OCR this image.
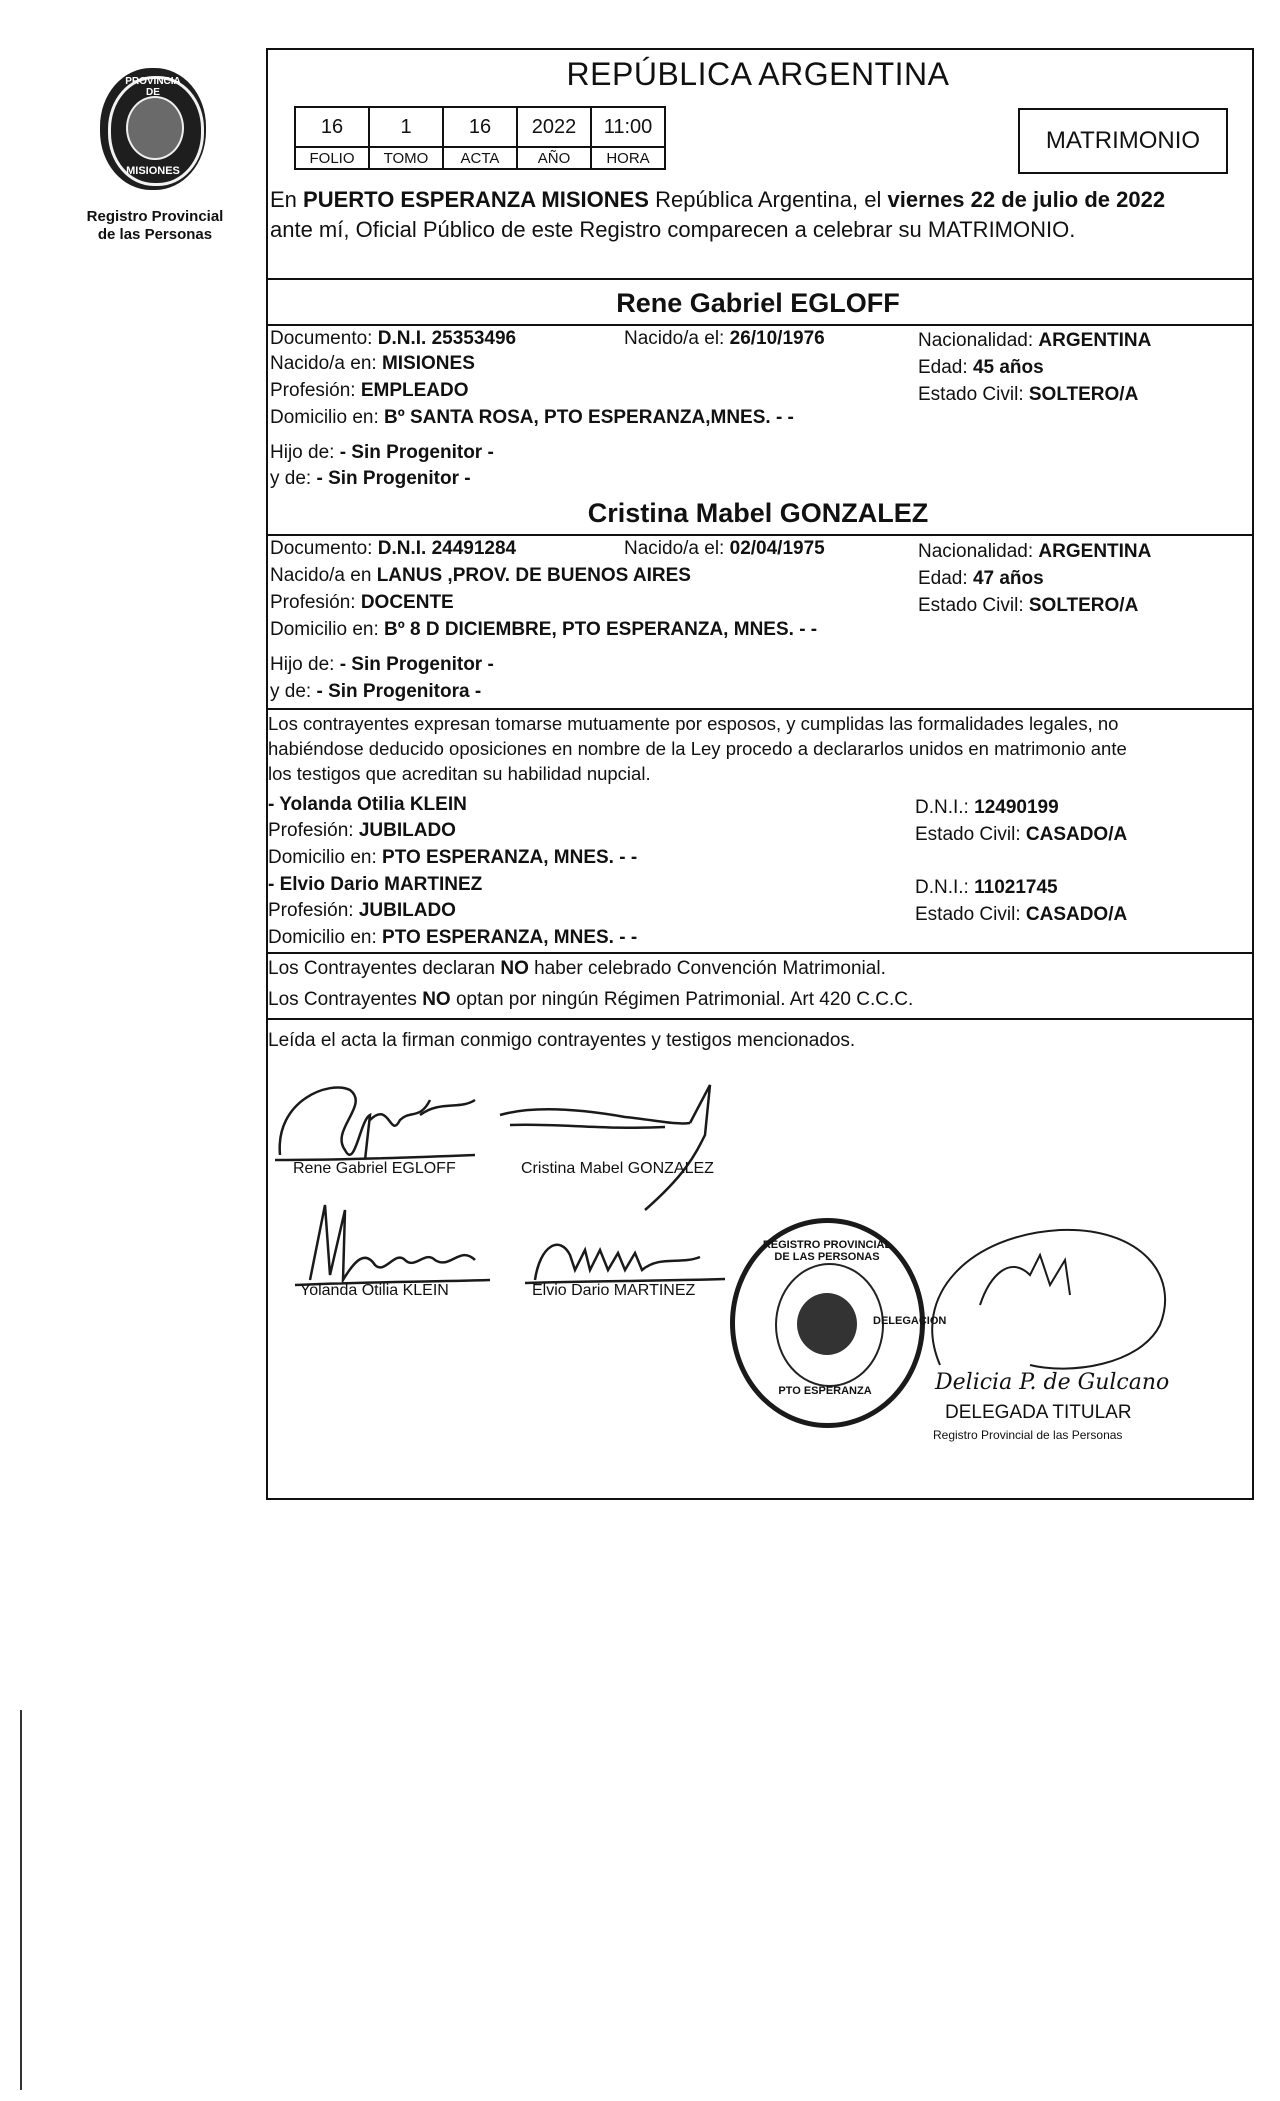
PROVINCIA DE
MISIONES
Registro Provincial
de las Personas
REPÚBLICA ARGENTINA
16	1	16	2022	11:00
FOLIO	TOMO	ACTA	AÑO	HORA
MATRIMONIO
En PUERTO ESPERANZA MISIONES República Argentina, el viernes 22 de julio de 2022
ante mí, Oficial Público de este Registro comparecen a celebrar su MATRIMONIO.
Rene Gabriel EGLOFF
Documento: D.N.I. 25353496	Nacido/a el: 26/10/1976	Nacionalidad: ARGENTINA
Nacido/a en: MISIONES	Edad: 45 años
Profesión: EMPLEADO	Estado Civil: SOLTERO/A
Domicilio en: Bº SANTA ROSA, PTO ESPERANZA,MNES. - -
Hijo de: - Sin Progenitor -
y de: - Sin Progenitor -
Cristina Mabel GONZALEZ
Documento: D.N.I. 24491284	Nacido/a el: 02/04/1975	Nacionalidad: ARGENTINA
Nacido/a en LANUS ,PROV. DE BUENOS AIRES	Edad: 47 años
Profesión: DOCENTE	Estado Civil: SOLTERO/A
Domicilio en: Bº 8 D DICIEMBRE, PTO ESPERANZA, MNES. - -
Hijo de: - Sin Progenitor -
y de: - Sin Progenitora -
Los contrayentes expresan tomarse mutuamente por esposos, y cumplidas las formalidades legales, no
habiéndose deducido oposiciones en nombre de la Ley procedo a declararlos unidos en matrimonio ante
los testigos que acreditan su habilidad nupcial.
- Yolanda Otilia KLEIN	D.N.I.: 12490199
Profesión: JUBILADO	Estado Civil: CASADO/A
Domicilio en: PTO ESPERANZA, MNES. - -
- Elvio Dario MARTINEZ	D.N.I.: 11021745
Profesión: JUBILADO	Estado Civil: CASADO/A
Domicilio en: PTO ESPERANZA, MNES. - -
Los Contrayentes declaran NO haber celebrado Convención Matrimonial.
Los Contrayentes NO optan por ningún Régimen Patrimonial. Art 420 C.C.C.
Leída el acta la firman conmigo contrayentes y testigos mencionados.
Rene Gabriel EGLOFF	Cristina Mabel GONZALEZ
Yolanda Otilia KLEIN	Elvio Dario MARTINEZ
REGISTRO PROVINCIAL DE LAS PERSONAS
DELEGACION
PTO ESPERANZA	Delicia P. de Gulcano
DELEGADA TITULAR
Registro Provincial de las Personas
